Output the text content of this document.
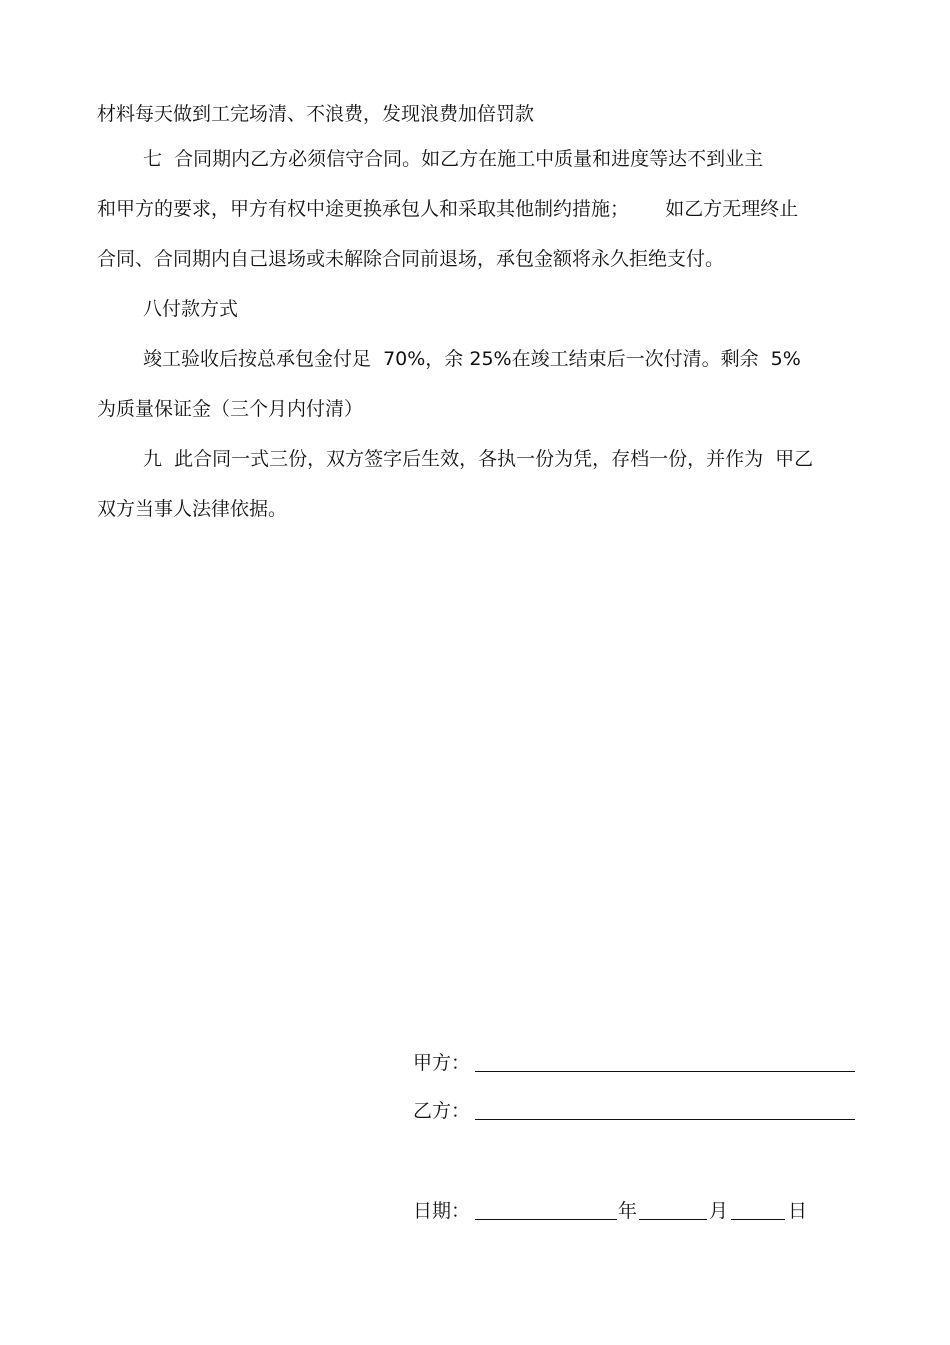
材料每天做到工完场清、不浪费，发现浪费加倍罚款
七  合同期内乙方必须信守合同。如乙方在施工中质量和进度等达不到业主
和甲方的要求，甲方有权中途更换承包人和采取其他制约措施；      如乙方无理终止
合同、合同期内自己退场或未解除合同前退场，承包金额将永久拒绝支付。
八付款方式
竣工验收后按总承包金付足  70%，余 25%在竣工结束后一次付清。剩余  5%
为质量保证金（三个月内付清）
九  此合同一式三份，双方签字后生效，各执一份为凭，存档一份，并作为  甲乙
双方当事人法律依据。
甲方：
乙方：
日期：	年	月	日
